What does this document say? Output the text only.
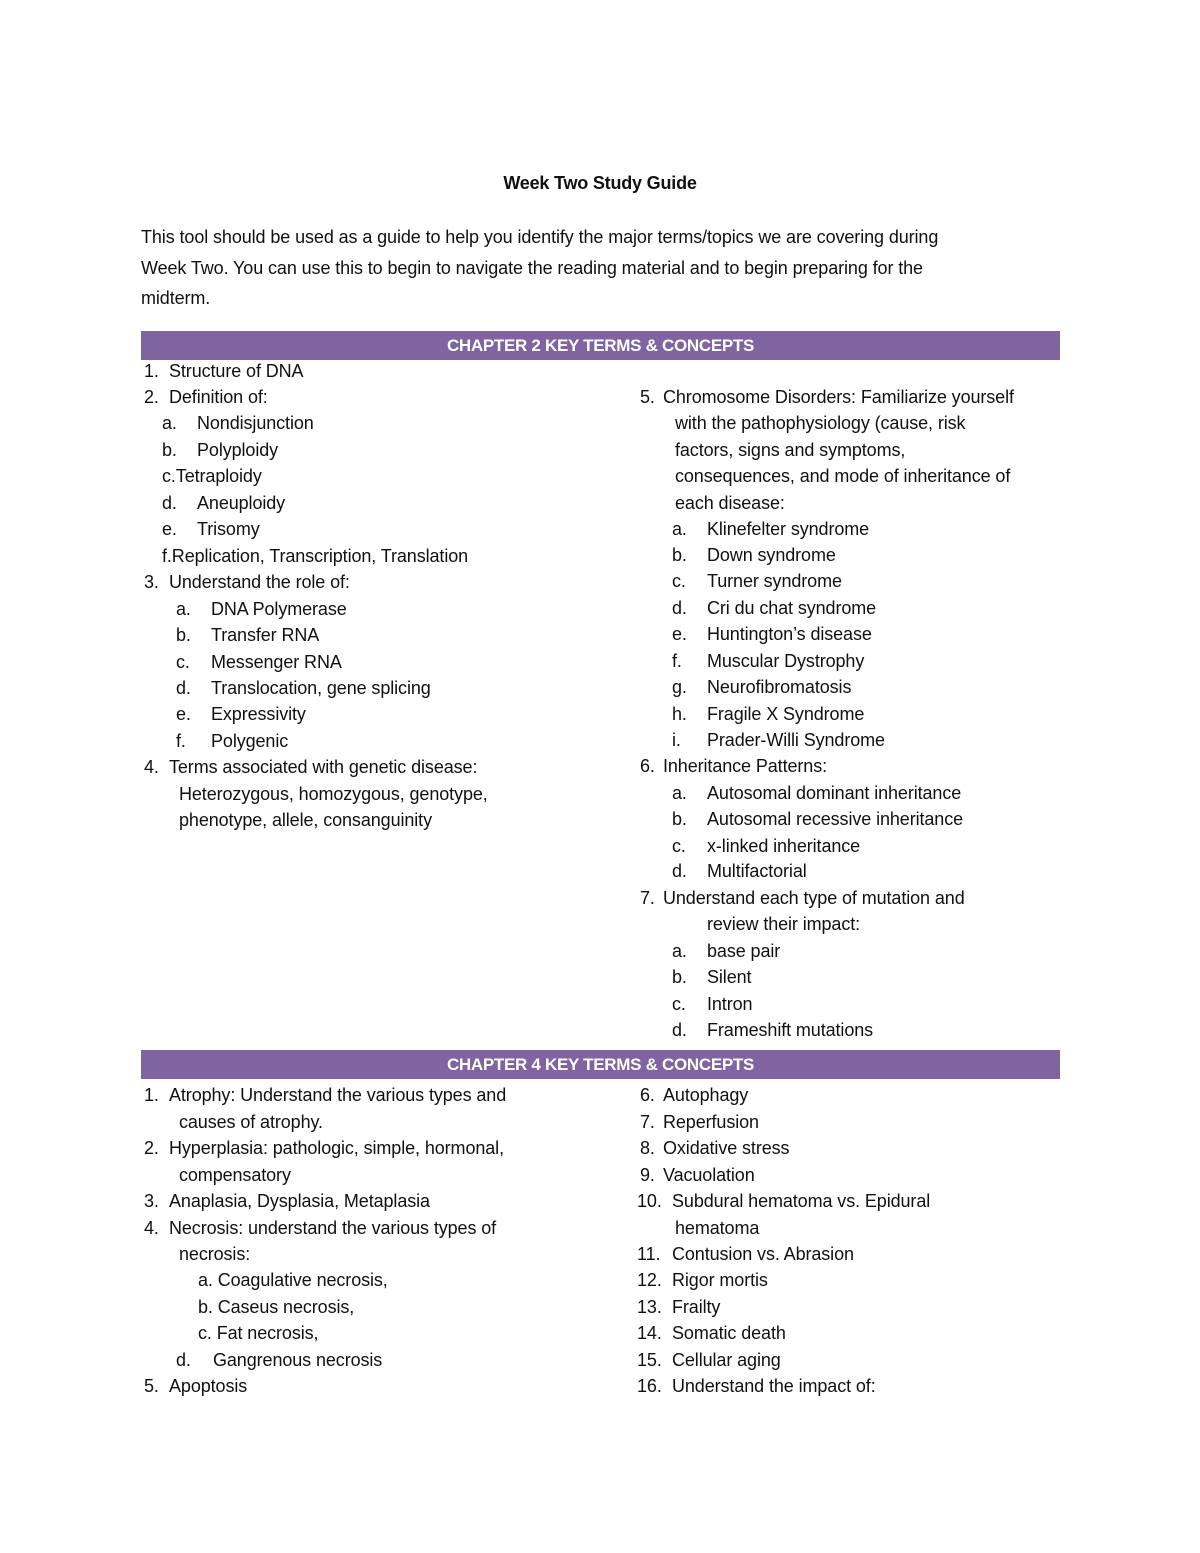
Week Two Study Guide
This tool should be used as a guide to help you identify the major terms/topics we are covering during
Week Two. You can use this to begin to navigate the reading material and to begin preparing for the
midterm.
CHAPTER 2 KEY TERMS & CONCEPTS
1. Structure of DNA
2. Definition of:
a. Nondisjunction
b. Polyploidy
c.Tetraploidy
d. Aneuploidy
e. Trisomy
f.Replication, Transcription, Translation
3. Understand the role of:
a. DNA Polymerase
b. Transfer RNA
c. Messenger RNA
d. Translocation, gene splicing
e. Expressivity
f. Polygenic
4. Terms associated with genetic disease:
Heterozygous, homozygous, genotype,
phenotype, allele, consanguinity
5. Chromosome Disorders: Familiarize yourself
with the pathophysiology (cause, risk
factors, signs and symptoms,
consequences, and mode of inheritance of
each disease:
a. Klinefelter syndrome
b. Down syndrome
c. Turner syndrome
d. Cri du chat syndrome
e. Huntington’s disease
f. Muscular Dystrophy
g. Neurofibromatosis
h. Fragile X Syndrome
i. Prader-Willi Syndrome
6. Inheritance Patterns:
a. Autosomal dominant inheritance
b. Autosomal recessive inheritance
c. x-linked inheritance
d. Multifactorial
7. Understand each type of mutation and
review their impact:
a. base pair
b. Silent
c. Intron
d. Frameshift mutations
CHAPTER 4 KEY TERMS & CONCEPTS
1. Atrophy: Understand the various types and
causes of atrophy.
2. Hyperplasia: pathologic, simple, hormonal,
compensatory
3. Anaplasia, Dysplasia, Metaplasia
4. Necrosis: understand the various types of
necrosis:
a. Coagulative necrosis,
b. Caseus necrosis,
c. Fat necrosis,
d. Gangrenous necrosis
5. Apoptosis
6. Autophagy
7. Reperfusion
8. Oxidative stress
9. Vacuolation
10. Subdural hematoma vs. Epidural
hematoma
11. Contusion vs. Abrasion
12. Rigor mortis
13. Frailty
14. Somatic death
15. Cellular aging
16. Understand the impact of:
